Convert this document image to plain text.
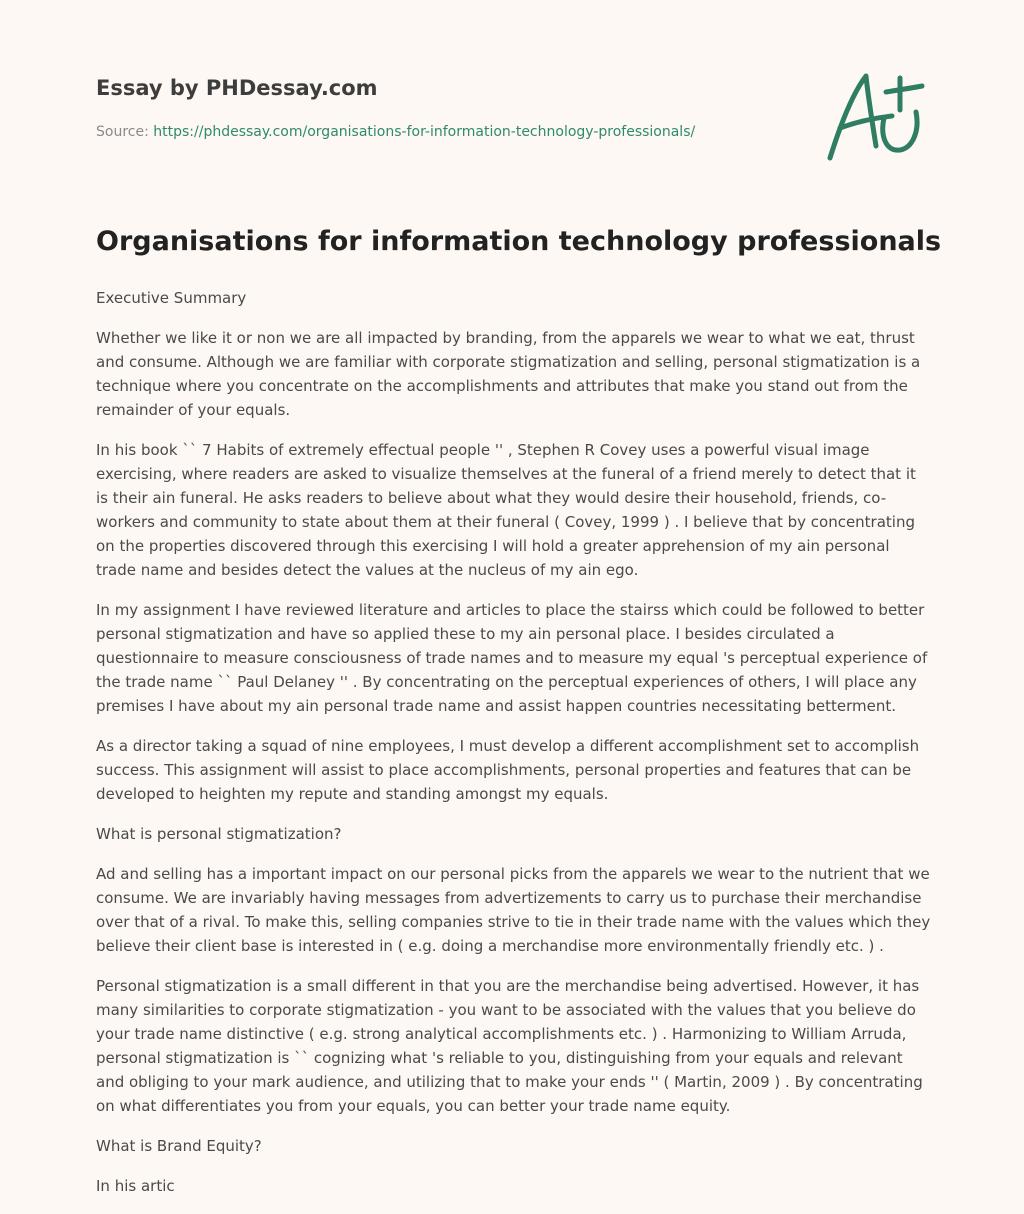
Essay by PHDessay.com
Source: https://phdessay.com/organisations-for-information-technology-professionals/
Organisations for information technology professionals

Executive Summary

Whether we like it or non we are all impacted by branding, from the apparels we wear to what we eat, thrust and consume. Although we are familiar with corporate stigmatization and selling, personal stigmatization is a technique where you concentrate on the accomplishments and attributes that make you stand out from the remainder of your equals.

In his book `` 7 Habits of extremely effectual people '' , Stephen R Covey uses a powerful visual image exercising, where readers are asked to visualize themselves at the funeral of a friend merely to detect that it is their ain funeral. He asks readers to believe about what they would desire their household, friends, co-workers and community to state about them at their funeral ( Covey, 1999 ) . I believe that by concentrating on the properties discovered through this exercising I will hold a greater apprehension of my ain personal trade name and besides detect the values at the nucleus of my ain ego.

In my assignment I have reviewed literature and articles to place the stairss which could be followed to better personal stigmatization and have so applied these to my ain personal place. I besides circulated a questionnaire to measure consciousness of trade names and to measure my equal 's perceptual experience of the trade name `` Paul Delaney '' . By concentrating on the perceptual experiences of others, I will place any premises I have about my ain personal trade name and assist happen countries necessitating betterment.

As a director taking a squad of nine employees, I must develop a different accomplishment set to accomplish success. This assignment will assist to place accomplishments, personal properties and features that can be developed to heighten my repute and standing amongst my equals.

What is personal stigmatization?

Ad and selling has a important impact on our personal picks from the apparels we wear to the nutrient that we consume. We are invariably having messages from advertizements to carry us to purchase their merchandise over that of a rival. To make this, selling companies strive to tie in their trade name with the values which they believe their client base is interested in ( e.g. doing a merchandise more environmentally friendly etc. ) .

Personal stigmatization is a small different in that you are the merchandise being advertised. However, it has many similarities to corporate stigmatization - you want to be associated with the values that you believe do your trade name distinctive ( e.g. strong analytical accomplishments etc. ) . Harmonizing to William Arruda, personal stigmatization is `` cognizing what 's reliable to you, distinguishing from your equals and relevant and obliging to your mark audience, and utilizing that to make your ends '' ( Martin, 2009 ) . By concentrating on what differentiates you from your equals, you can better your trade name equity.

What is Brand Equity?

In his artic
